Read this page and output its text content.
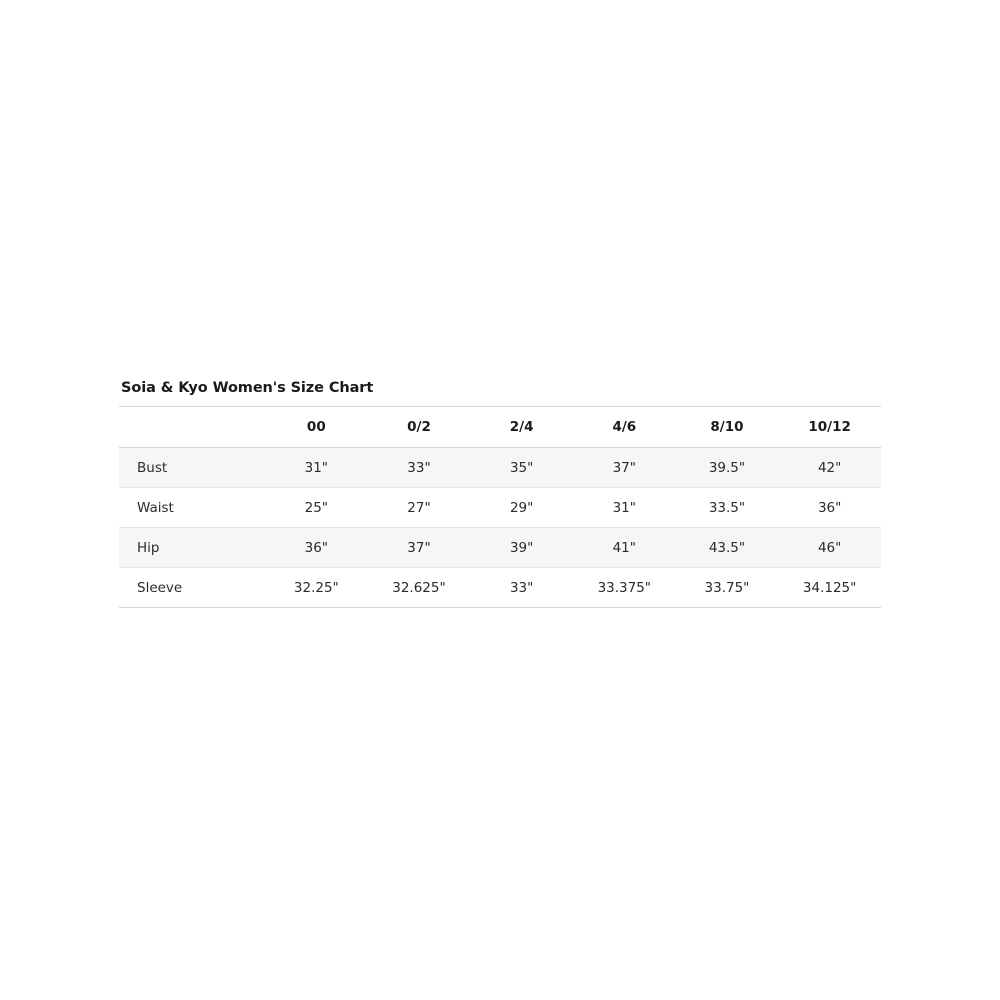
Soia & Kyo Women's Size Chart
	00	0/2	2/4	4/6	8/10	10/12
Bust	31"	33"	35"	37"	39.5"	42"
Waist	25"	27"	29"	31"	33.5"	36"
Hip	36"	37"	39"	41"	43.5"	46"
Sleeve	32.25"	32.625"	33"	33.375"	33.75"	34.125"
